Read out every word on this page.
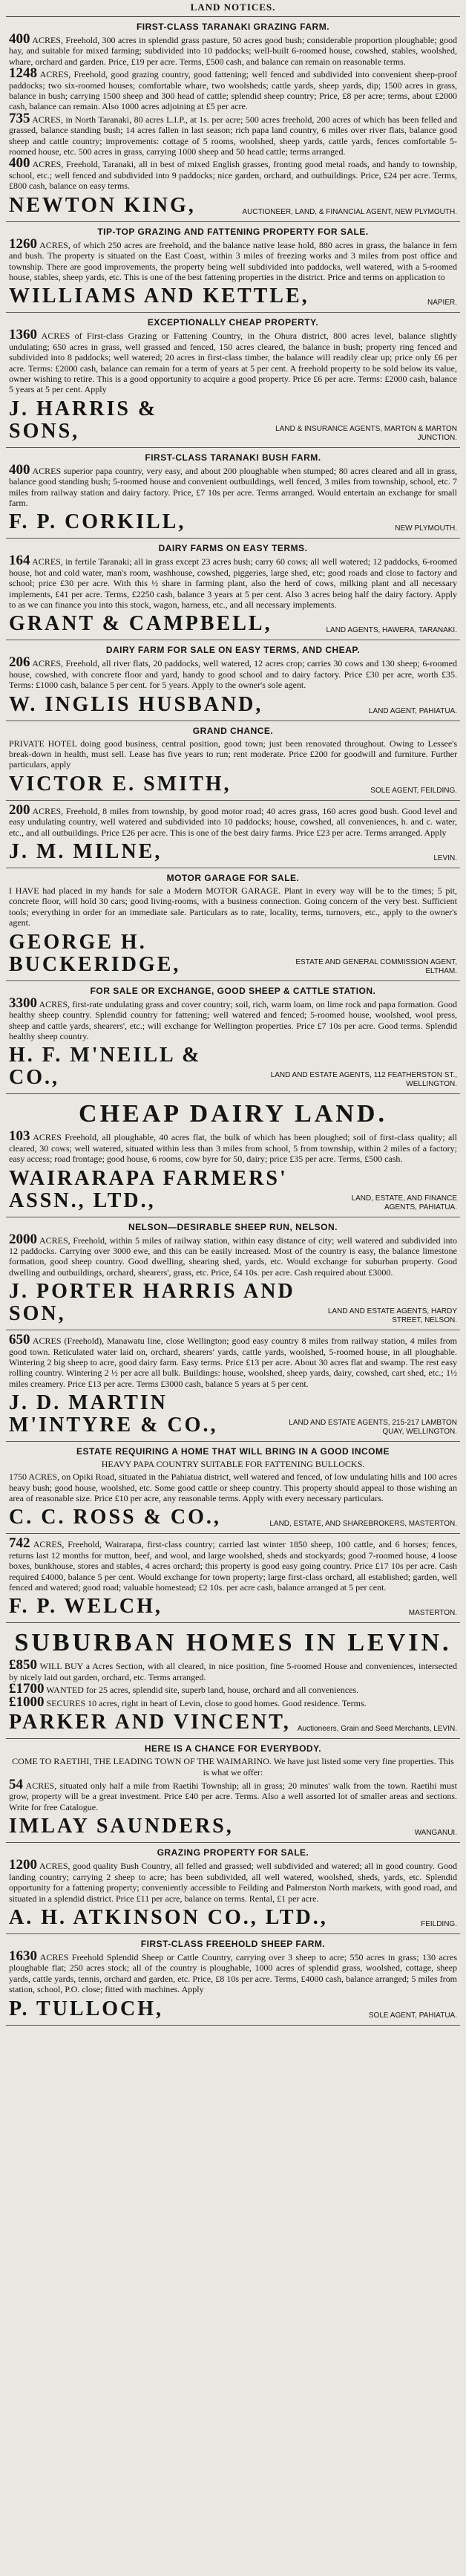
LAND NOTICES.
FIRST-CLASS TARANAKI GRAZING FARM.
400 ACRES, Freehold, 300 acres in splendid grass pasture, 50 acres good bush; considerable proportion ploughable; good hay, and suitable for mixed farming; subdivided into 10 paddocks; well-built 6-roomed house, cowshed, stables, woolshed, whare, orchard and garden. Price, £19 per acre. Terms, £500 cash, and balance can remain on reasonable terms.
1248 ACRES, Freehold, good grazing country, good fattening; well fenced and subdivided into convenient sheep-proof paddocks; two six-roomed houses; comfortable whare, two woolsheds; cattle yards, sheep yards, dip; 1500 acres in grass, balance in bush; carrying 1500 sheep and 300 head of cattle; splendid sheep country; Price, £8 per acre; terms, about £2000 cash, balance can remain. Also 1000 acres adjoining at £5 per acre.
735 ACRES, in North Taranaki, 80 acres L.I.P., at 1s. per acre; 500 acres freehold, 200 acres of which has been felled and grassed, balance standing bush; 14 acres fallen in last season; rich papa land country, 6 miles over river flats, balance good sheep and cattle country; improvements: cottage of 5 rooms, woolshed, sheep yards, cattle yards, fences comfortable 5-roomed house, etc. 500 acres in grass, carrying 1000 sheep and 50 head cattle; terms arranged.
400 ACRES, Freehold, Taranaki, all in best of mixed English grasses, fronting good metal roads, and handy to township, school, etc.; well fenced and subdivided into 9 paddocks; nice garden, orchard, and outbuildings. Price, £24 per acre. Terms, £800 cash, balance on easy terms.
NEWTON KING,	AUCTIONEER, LAND, & FINANCIAL AGENT, NEW PLYMOUTH.
TIP-TOP GRAZING AND FATTENING PROPERTY FOR SALE.
1260 ACRES, of which 250 acres are freehold, and the balance native lease hold, 880 acres in grass, the balance in fern and bush. The property is situated on the East Coast, within 3 miles of freezing works and 3 miles from post office and township. There are good improvements, the property being well subdivided into paddocks, well watered, with a 5-roomed house, stables, sheep yards, etc. This is one of the best fattening properties in the district. Price and terms on application to
WILLIAMS AND KETTLE,	NAPIER.
EXCEPTIONALLY CHEAP PROPERTY.
1360 ACRES of First-class Grazing or Fattening Country, in the Ohura district, 800 acres level, balance slightly undulating; 650 acres in grass, well grassed and fenced, 150 acres cleared, the balance in bush; property ring fenced and subdivided into 8 paddocks; well watered; 20 acres in first-class timber, the balance will readily clear up; price only £6 per acre. Terms: £2000 cash, balance can remain for a term of years at 5 per cent. A freehold property to be sold below its value, owner wishing to retire. This is a good opportunity to acquire a good property. Price £6 per acre. Terms: £2000 cash, balance 5 years at 5 per cent. Apply
J. HARRIS & SONS,	LAND & INSURANCE AGENTS, MARTON & MARTON JUNCTION.
FIRST-CLASS TARANAKI BUSH FARM.
400 ACRES superior papa country, very easy, and about 200 ploughable when stumped; 80 acres cleared and all in grass, balance good standing bush; 5-roomed house and convenient outbuildings, well fenced, 3 miles from township, school, etc. 7 miles from railway station and dairy factory. Price, £7 10s per acre. Terms arranged. Would entertain an exchange for small farm.
F. P. CORKILL,	NEW PLYMOUTH.
DAIRY FARMS ON EASY TERMS.
164 ACRES, in fertile Taranaki; all in grass except 23 acres bush; carry 60 cows; all well watered; 12 paddocks, 6-roomed house, hot and cold water, man's room, washhouse, cowshed, piggeries, large shed, etc; good roads and close to factory and school; price £30 per acre. With this ½ share in farming plant, also the herd of cows, milking plant and all necessary implements, £41 per acre. Terms, £2250 cash, balance 3 years at 5 per cent. Also 3 acres being half the dairy factory. Apply to as we can finance you into this stock, wagon, harness, etc., and all necessary implements.
GRANT & CAMPBELL,	LAND AGENTS, HAWERA, TARANAKI.
DAIRY FARM FOR SALE ON EASY TERMS, AND CHEAP.
206 ACRES, Freehold, all river flats, 20 paddocks, well watered, 12 acres crop; carries 30 cows and 130 sheep; 6-roomed house, cowshed, with concrete floor and yard, handy to good school and to dairy factory. Price £30 per acre, worth £35. Terms: £1000 cash, balance 5 per cent. for 5 years. Apply to the owner's sole agent.
W. INGLIS HUSBAND,	LAND AGENT, PAHIATUA.
GRAND CHANCE.
PRIVATE HOTEL doing good business, central position, good town; just been renovated throughout. Owing to Lessee's break-down in health, must sell. Lease has five years to run; rent moderate. Price £200 for goodwill and furniture. Further particulars, apply
VICTOR E. SMITH,	SOLE AGENT, FEILDING.
200 ACRES, Freehold, 8 miles from township, by good motor road; 40 acres grass, 160 acres good bush. Good level and easy undulating country, well watered and subdivided into 10 paddocks; house, cowshed, all conveniences, h. and c. water, etc., and all outbuildings. Price £26 per acre. This is one of the best dairy farms. Price £23 per acre. Terms arranged. Apply
J. M. MILNE,	LEVIN.
MOTOR GARAGE FOR SALE.
I HAVE had placed in my hands for sale a Modern MOTOR GARAGE. Plant in every way will be to the times; 5 pit, concrete floor, will hold 30 cars; good living-rooms, with a business connection. Going concern of the very best. Sufficient tools; everything in order for an immediate sale. Particulars as to rate, locality, terms, turnovers, etc., apply to the owner's agent.
GEORGE H. BUCKERIDGE,	ESTATE AND GENERAL COMMISSION AGENT, ELTHAM.
FOR SALE OR EXCHANGE, GOOD SHEEP & CATTLE STATION.
3300 ACRES, first-rate undulating grass and cover country; soil, rich, warm loam, on lime rock and papa formation. Good healthy sheep country. Splendid country for fattening; well watered and fenced; 5-roomed house, woolshed, wool press, sheep and cattle yards, shearers', etc.; will exchange for Wellington properties. Price £7 10s per acre. Good terms. Splendid healthy sheep country.
H. F. M'NEILL & CO.,	LAND AND ESTATE AGENTS, 112 FEATHERSTON ST., WELLINGTON.
CHEAP DAIRY LAND.
103 ACRES Freehold, all ploughable, 40 acres flat, the bulk of which has been ploughed; soil of first-class quality; all cleared, 30 cows; well watered, situated within less than 3 miles from school, 5 from township, within 2 miles of a factory; easy access; road frontage; good house, 6 rooms, cow byre for 50, dairy; price £35 per acre. Terms, £500 cash.
WAIRARAPA FARMERS' ASSN., LTD.,	LAND, ESTATE, AND FINANCE AGENTS, PAHIATUA.
NELSON—DESIRABLE SHEEP RUN, NELSON.
2000 ACRES, Freehold, within 5 miles of railway station, within easy distance of city; well watered and subdivided into 12 paddocks. Carrying over 3000 ewe, and this can be easily increased. Most of the country is easy, the balance limestone formation, good sheep country. Good dwelling, shearing shed, yards, etc. Would exchange for suburban property. Good dwelling and outbuildings, orchard, shearers', grass, etc. Price, £4 10s. per acre. Cash required about £3000.
J. PORTER HARRIS AND SON,	LAND AND ESTATE AGENTS, HARDY STREET, NELSON.
650 ACRES (Freehold), Manawatu line, close Wellington; good easy country 8 miles from railway station, 4 miles from good town. Reticulated water laid on, orchard, shearers' yards, cattle yards, woolshed, 5-roomed house, in all ploughable. Wintering 2 big sheep to acre, good dairy farm. Easy terms. Price £13 per acre. About 30 acres flat and swamp. The rest easy rolling country. Wintering 2 ½ per acre all bulk. Buildings: house, woolshed, sheep yards, dairy, cowshed, cart shed, etc.; 1½ miles creamery. Price £13 per acre. Terms £3000 cash, balance 5 years at 5 per cent.
J. D. MARTIN M'INTYRE & CO.,	LAND AND ESTATE AGENTS, 215-217 LAMBTON QUAY, WELLINGTON.
ESTATE REQUIRING A HOME THAT WILL BRING IN A GOOD INCOME
HEAVY PAPA COUNTRY SUITABLE FOR FATTENING BULLOCKS.
1750 ACRES, on Opiki Road, situated in the Pahiatua district, well watered and fenced, of low undulating hills and 100 acres heavy bush; good house, woolshed, etc. Some good cattle or sheep country. This property should appeal to those wishing an area of reasonable size. Price £10 per acre, any reasonable terms. Apply with every necessary particulars.
C. C. ROSS & CO.,	LAND, ESTATE, AND SHAREBROKERS, MASTERTON.
742 ACRES, Freehold, Wairarapa, first-class country; carried last winter 1850 sheep, 100 cattle, and 6 horses; fences, returns last 12 months for mutton, beef, and wool, and large woolshed, sheds and stockyards; good 7-roomed house, 4 loose boxes, bunkhouse, stores and stables, 4 acres orchard; this property is good easy going country. Price £17 10s per acre. Cash required £4000, balance 5 per cent. Would exchange for town property; large first-class orchard, all established; garden, well fenced and watered; good road; valuable homestead; £2 10s. per acre cash, balance arranged at 5 per cent.
F. P. WELCH,	MASTERTON.
SUBURBAN HOMES IN LEVIN.
£850 WILL BUY a Acres Section, with all cleared, in nice position, fine 5-roomed House and conveniences, intersected by nicely laid out garden, orchard, etc. Terms arranged.
£1700 WANTED for 25 acres, splendid site, superb land, house, orchard and all conveniences.
£1000 SECURES 10 acres, right in heart of Levin, close to good homes. Good residence. Terms.
PARKER AND VINCENT, Auctioneers, Grain and Seed Merchants, LEVIN.
HERE IS A CHANCE FOR EVERYBODY.
COME TO RAETIHI, THE LEADING TOWN OF THE WAIMARINO. We have just listed some very fine properties. This is what we offer:
54 ACRES, situated only half a mile from Raetihi Township; all in grass; 20 minutes' walk from the town. Raetihi must grow, property will be a great investment. Price £40 per acre. Terms. Also a well assorted lot of smaller areas and sections. Write for free Catalogue.
IMLAY SAUNDERS,	WANGANUI.
GRAZING PROPERTY FOR SALE.
1200 ACRES, good quality Bush Country, all felled and grassed; well subdivided and watered; all in good country. Good landing country; carrying 2 sheep to acre; has been subdivided, all well watered, woolshed, sheds, yards, etc. Splendid opportunity for a fattening property; conveniently accessible to Feilding and Palmerston North markets, with good road, and situated in a splendid district. Price £11 per acre, balance on terms. Rental, £1 per acre.
A. H. ATKINSON CO., LTD.,	FEILDING.
FIRST-CLASS FREEHOLD SHEEP FARM.
1630 ACRES Freehold Splendid Sheep or Cattle Country, carrying over 3 sheep to acre; 550 acres in grass; 130 acres ploughable flat; 250 acres stock; all of the country is ploughable, 1000 acres of splendid grass, woolshed, cottage, sheep yards, cattle yards, tennis, orchard and garden, etc. Price, £8 10s per acre. Terms, £4000 cash, balance arranged; 5 miles from station, school, P.O. close; fitted with machines. Apply
P. TULLOCH,	SOLE AGENT, PAHIATUA.
